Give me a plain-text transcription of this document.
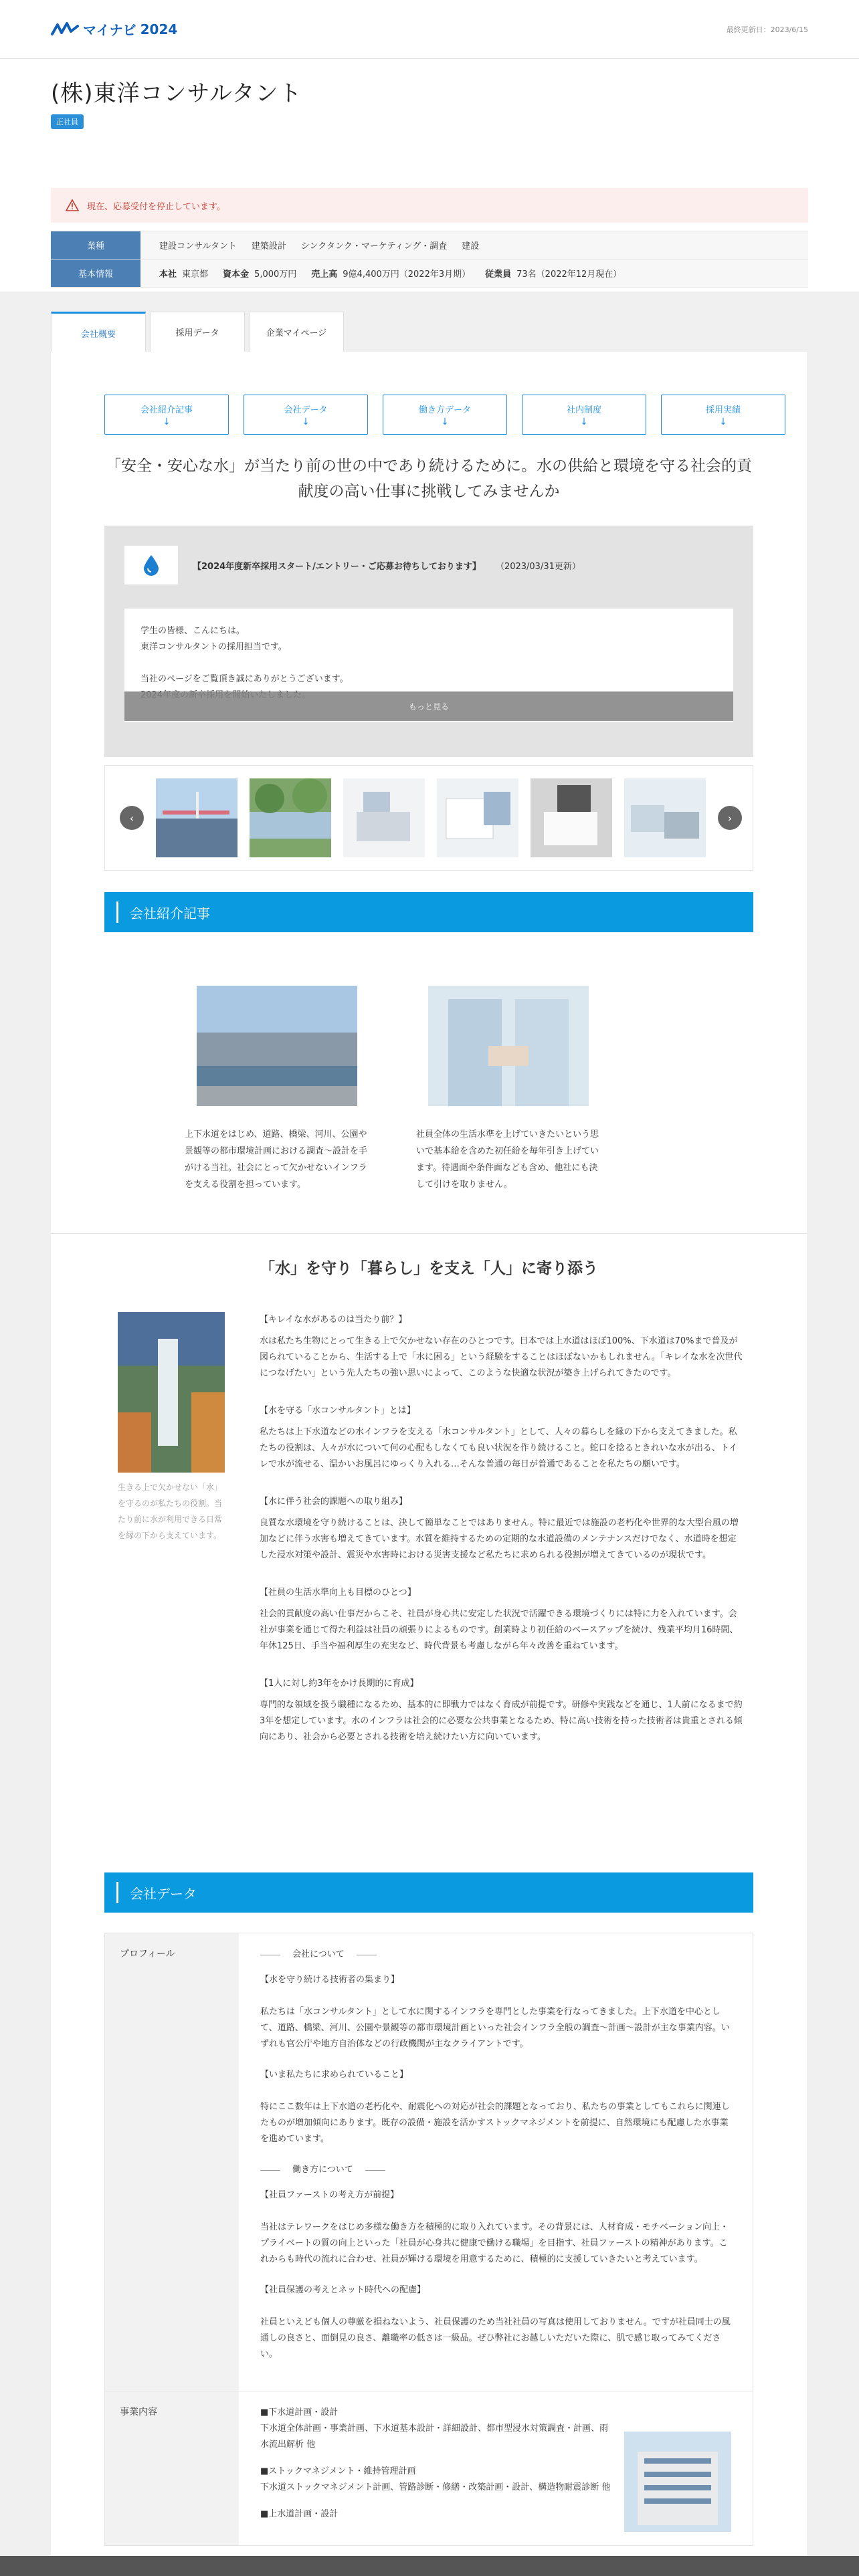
マイナビ 2024	最終更新日：2023/6/15
(株)東洋コンサルタント
正社員
現在、応募受付を停止しています。
業種	建設コンサルタント 建築設計 シンクタンク・マーケティング・調査 建設
基本情報	本社 東京都 資本金 5,000万円 売上高 9億4,400万円（2022年3月期） 従業員 73名（2022年12月現在）
会社概要	採用データ	企業マイページ
会社紹介記事
↓
会社データ
↓
働き方データ
↓
社内制度
↓
採用実績
↓
「安全・安心な水」が当たり前の世の中であり続けるために。水の供給と環境を守る社会的貢献度の高い仕事に挑戦してみませんか
【2024年度新卒採用スタート/エントリー・ご応募お待ちしております】 （2023/03/31更新）
学生の皆様、こんにちは。
東洋コンサルタントの採用担当です。
当社のページをご覧頂き誠にありがとうございます。
もっと見る
‹	›
会社紹介記事

上下水道をはじめ、道路、橋梁、河川、公園や景観等の都市環境計画における調査〜設計を手がける当社。社会にとって欠かせないインフラを支える役割を担っています。

社員全体の生活水準を上げていきたいという思いで基本給を含めた初任給を毎年引き上げています。待遇面や条件面なども含め、他社にも決して引けを取りません。

「水」を守り「暮らし」を支え「人」に寄り添う

生きる上で欠かせない「水」を守るのが私たちの役割。当たり前に水が利用できる日常を縁の下から支えています。

【キレイな水があるのは当たり前？】
水は私たち生物にとって生きる上で欠かせない存在のひとつです。日本では上水道はほぼ100%、下水道は70%まで普及が図られていることから、生活する上で「水に困る」という経験をすることはほぼないかもしれません。「キレイな水を次世代につなげたい」という先人たちの強い思いによって、このような快適な状況が築き上げられてきたのです。
【水を守る「水コンサルタント」とは】
私たちは上下水道などの水インフラを支える「水コンサルタント」として、人々の暮らしを縁の下から支えてきました。私たちの役割は、人々が水について何の心配もしなくても良い状況を作り続けること。蛇口を捻るときれいな水が出る、トイレで水が流せる、温かいお風呂にゆっくり入れる…そんな普通の毎日が普通であることを私たちの願いです。
【水に伴う社会的課題への取り組み】
良質な水環境を守り続けることは、決して簡単なことではありません。特に最近では施設の老朽化や世界的な大型台風の増加などに伴う水害も増えてきています。水質を維持するための定期的な水道設備のメンテナンスだけでなく、水道時を想定した浸水対策や設計、震災や水害時における災害支援など私たちに求められる役割が増えてきているのが現状です。
【社員の生活水準向上も目標のひとつ】
社会的貢献度の高い仕事だからこそ、社員が身心共に安定した状況で活躍できる環境づくりには特に力を入れています。会社が事業を通じて得た利益は社員の頑張りによるものです。創業時より初任給のベースアップを続け、残業平均月16時間、年休125日、手当や福利厚生の充実など、時代背景も考慮しながら年々改善を重ねています。
【1人に対し約3年をかけ長期的に育成】
専門的な領域を扱う職種になるため、基本的に即戦力ではなく育成が前提です。研修や実践などを通じ、1人前になるまで約3年を想定しています。水のインフラは社会的に必要な公共事業となるため、特に高い技術を持った技術者は貴重とされる傾向にあり、社会から必要とされる技術を培え続けたい方に向いています。
会社データ
プロフィール	会社について

【水を守り続ける技術者の集まり】

私たちは「水コンサルタント」として水に関するインフラを専門とした事業を行なってきました。上下水道を中心として、道路、橋梁、河川、公園や景観等の都市環境計画といった社会インフラ全般の調査〜計画〜設計が主な事業内容。いずれも官公庁や地方自治体などの行政機関が主なクライアントです。

【いま私たちに求められていること】

特にここ数年は上下水道の老朽化や、耐震化への対応が社会的課題となっており、私たちの事業としてもこれらに関連したものが増加傾向にあります。既存の設備・施設を活かすストックマネジメントを前提に、自然環境にも配慮した水事業を進めています。

働き方について

【社員ファーストの考え方が前提】

当社はテレワークをはじめ多様な働き方を積極的に取り入れています。その背景には、人材育成・モチベーション向上・プライベートの質の向上といった「社員が心身共に健康で働ける職場」を目指す、社員ファーストの精神があります。これからも時代の流れに合わせ、社員が輝ける環境を用意するために、積極的に支援していきたいと考えています。

【社員保護の考えとネット時代への配慮】

社員といえども個人の尊厳を損ねないよう、社員保護のため当社社員の写真は使用しておりません。ですが社員同士の風通しの良さと、面倒見の良さ、離職率の低さは一級品。ぜひ弊社にお越しいただいた際に、肌で感じ取ってみてください。

事業内容	■下水道計画・設計
下水道全体計画・事業計画、下水道基本設計・詳細設計、都市型浸水対策調査・計画、雨水流出解析 他
■ストックマネジメント・維持管理計画
下水道ストックマネジメント計画、管路診断・修繕・改築計画・設計、構造物耐震診断 他
■上水道計画・設計
